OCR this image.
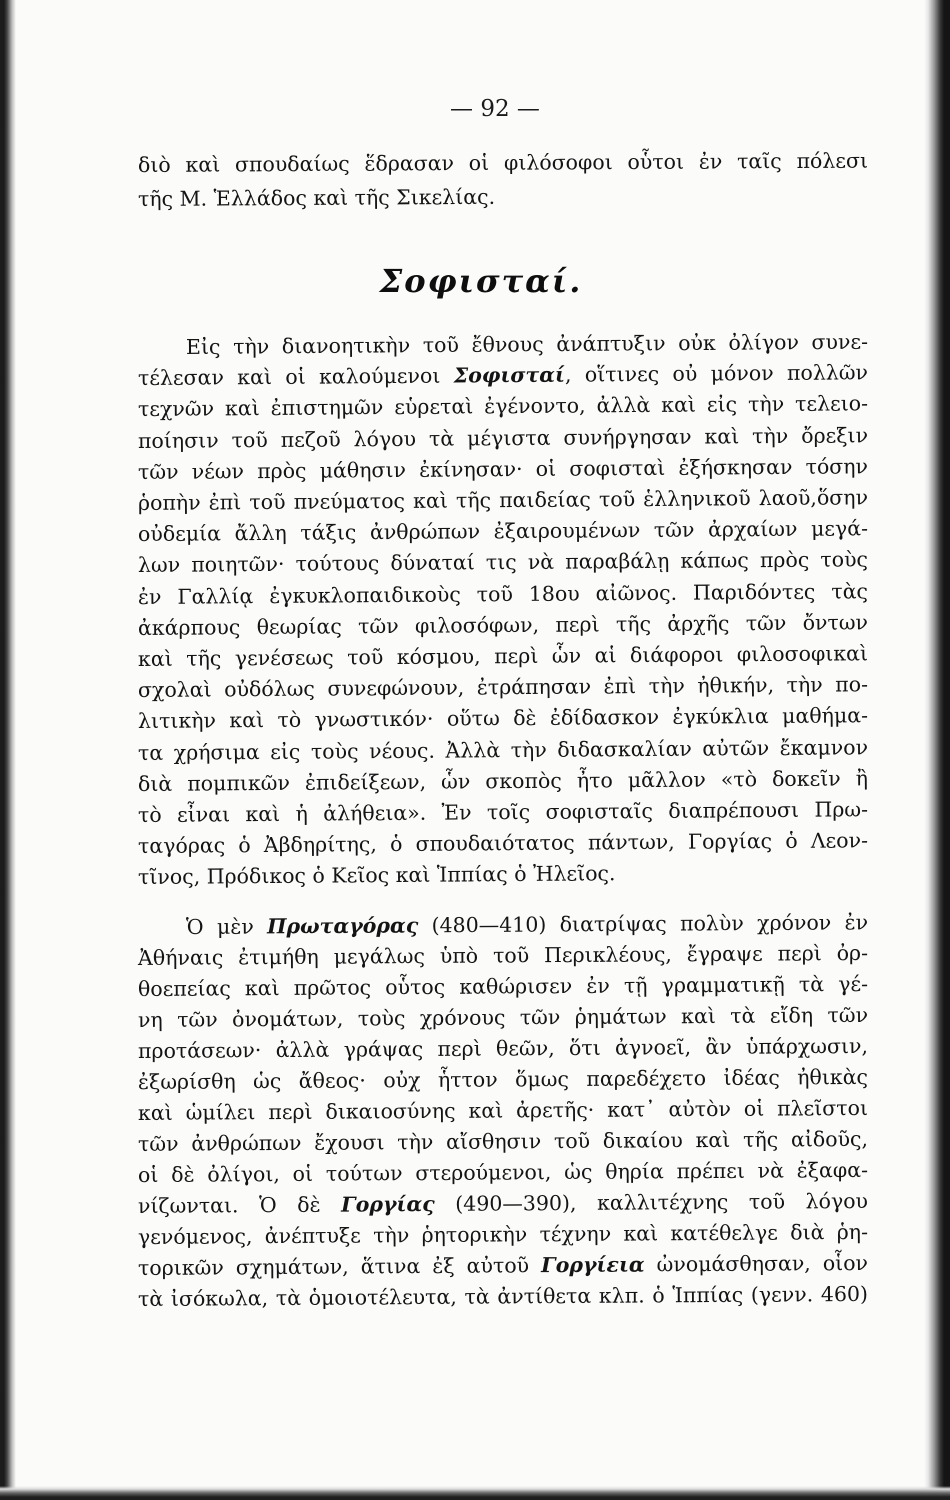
— 92 —
διὸ καὶ σπουδαίως ἕδρασαν οἱ φιλόσοφοι οὗτοι ἐν ταῖς πόλεσι
τῆς Μ. Ἑλλάδος καὶ τῆς Σικελίας.
Σοφισταί.
Εἰς τὴν διανοητικὴν τοῦ ἔθνους ἀνάπτυξιν οὐκ ὀλίγον συνε-
τέλεσαν καὶ οἱ καλούμενοι Σοφισταί, οἵτινες οὐ μόνον πολλῶν
τεχνῶν καὶ ἐπιστημῶν εὑρεταὶ ἐγένοντο, ἀλλὰ καὶ εἰς τὴν τελειο-
ποίησιν τοῦ πεζοῦ λόγου τὰ μέγιστα συνήργησαν καὶ τὴν ὄρεξιν
τῶν νέων πρὸς μάθησιν ἐκίνησαν· οἱ σοφισταὶ ἐξήσκησαν τόσην
ῥοπὴν ἐπὶ τοῦ πνεύματος καὶ τῆς παιδείας τοῦ ἑλληνικοῦ λαοῦ,ὅσην
οὐδεμία ἄλλη τάξις ἀνθρώπων ἐξαιρουμένων τῶν ἀρχαίων μεγά-
λων ποιητῶν· τούτους δύναταί τις νὰ παραβάλῃ κάπως πρὸς τοὺς
ἐν Γαλλίᾳ ἐγκυκλοπαιδικοὺς τοῦ 18ου αἰῶνος. Παριδόντες τὰς
ἀκάρπους θεωρίας τῶν φιλοσόφων, περὶ τῆς ἀρχῆς τῶν ὄντων
καὶ τῆς γενέσεως τοῦ κόσμου, περὶ ὧν αἱ διάφοροι φιλοσοφικαὶ
σχολαὶ οὐδόλως συνεφώνουν, ἐτράπησαν ἐπὶ τὴν ἠθικήν, τὴν πο-
λιτικὴν καὶ τὸ γνωστικόν· οὕτω δὲ ἐδίδασκον ἐγκύκλια μαθήμα-
τα χρήσιμα εἰς τοὺς νέους. Ἀλλὰ τὴν διδασκαλίαν αὐτῶν ἔκαμνον
διὰ πομπικῶν ἐπιδείξεων, ὧν σκοπὸς ἦτο μᾶλλον «τὸ δοκεῖν ἢ
τὸ εἶναι καὶ ἡ ἀλήθεια». Ἐν τοῖς σοφισταῖς διαπρέπουσι Πρω-
ταγόρας ὁ Ἀβδηρίτης, ὁ σπουδαιότατος πάντων, Γοργίας ὁ Λεον-
τῖνος, Πρόδικος ὁ Κεῖος καὶ Ἱππίας ὁ Ἠλεῖος.
Ὁ μὲν Πρωταγόρας (480—410) διατρίψας πολὺν χρόνον ἐν
Ἀθήναις ἐτιμήθη μεγάλως ὑπὸ τοῦ Περικλέους, ἔγραψε περὶ ὀρ-
θοεπείας καὶ πρῶτος οὗτος καθώρισεν ἐν τῇ γραμματικῇ τὰ γέ-
νη τῶν ὀνομάτων, τοὺς χρόνους τῶν ῥημάτων καὶ τὰ εἴδη τῶν
προτάσεων· ἀλλὰ γράψας περὶ θεῶν, ὅτι ἀγνοεῖ, ἂν ὑπάρχωσιν,
ἐξωρίσθη ὡς ἄθεος· οὐχ ἧττον ὅμως παρεδέχετο ἰδέας ἠθικὰς
καὶ ὡμίλει περὶ δικαιοσύνης καὶ ἀρετῆς· κατ᾽ αὐτὸν οἱ πλεῖστοι
τῶν ἀνθρώπων ἔχουσι τὴν αἴσθησιν τοῦ δικαίου καὶ τῆς αἰδοῦς,
οἱ δὲ ὀλίγοι, οἱ τούτων στερούμενοι, ὡς θηρία πρέπει νὰ ἐξαφα-
νίζωνται. Ὁ δὲ Γοργίας (490—390), καλλιτέχνης τοῦ λόγου
γενόμενος, ἀνέπτυξε τὴν ῥητορικὴν τέχνην καὶ κατέθελγε διὰ ῥη-
τορικῶν σχημάτων, ἅτινα ἐξ αὐτοῦ Γοργίεια ὠνομάσθησαν, οἷον
τὰ ἰσόκωλα, τὰ ὁμοιοτέλευτα, τὰ ἀντίθετα κλπ. ὁ Ἱππίας (γενν. 460)
